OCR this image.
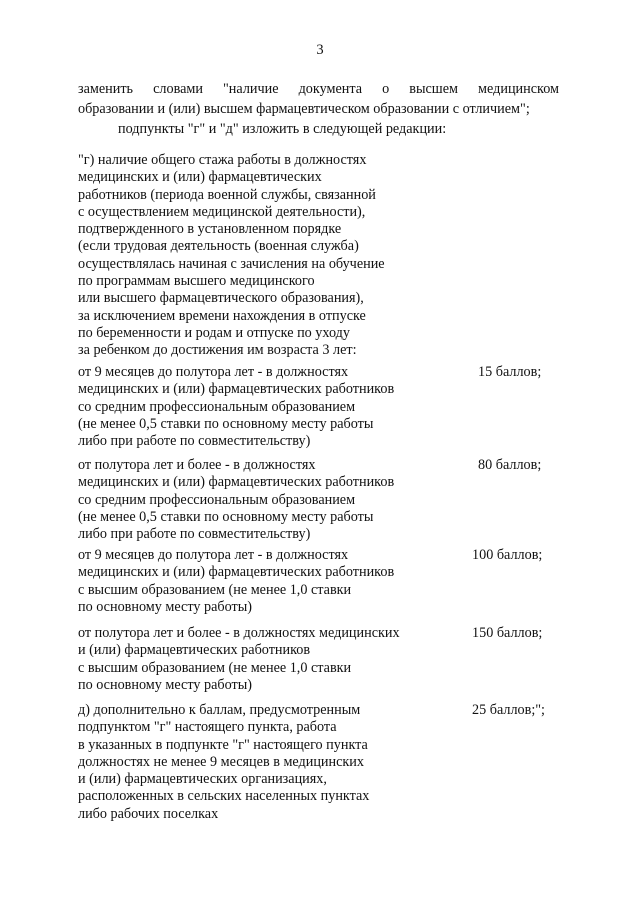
3
заменить словами "наличие документа о высшем медицинском
образовании и (или) высшем фармацевтическом образовании с отличием";
подпункты "г" и "д" изложить в следующей редакции:
"г) наличие общего стажа работы в должностях
медицинских и (или) фармацевтических
работников (периода военной службы, связанной
с осуществлением медицинской деятельности),
подтвержденного в установленном порядке
(если трудовая деятельность (военная служба)
осуществлялась начиная с зачисления на обучение
по программам высшего медицинского
или высшего фармацевтического образования),
за исключением времени нахождения в отпуске
по беременности и родам и отпуске по уходу
за ребенком до достижения им возраста 3 лет:
от 9 месяцев до полутора лет - в должностях
медицинских и (или) фармацевтических работников
со средним профессиональным образованием
(не менее 0,5 ставки по основному месту работы
либо при работе по совместительству)
15 баллов;
от полутора лет и более - в должностях
медицинских и (или) фармацевтических работников
со средним профессиональным образованием
(не менее 0,5 ставки по основному месту работы
либо при работе по совместительству)
80 баллов;
от 9 месяцев до полутора лет - в должностях
медицинских и (или) фармацевтических работников
с высшим образованием (не менее 1,0 ставки
по основному месту работы)
100 баллов;
от полутора лет и более - в должностях медицинских
и (или) фармацевтических работников
с высшим образованием (не менее 1,0 ставки
по основному месту работы)
150 баллов;
д) дополнительно к баллам, предусмотренным
подпунктом "г" настоящего пункта, работа
в указанных в подпункте "г" настоящего пункта
должностях не менее 9 месяцев в медицинских
и (или) фармацевтических организациях,
расположенных в сельских населенных пунктах
либо рабочих поселках
25 баллов;";
